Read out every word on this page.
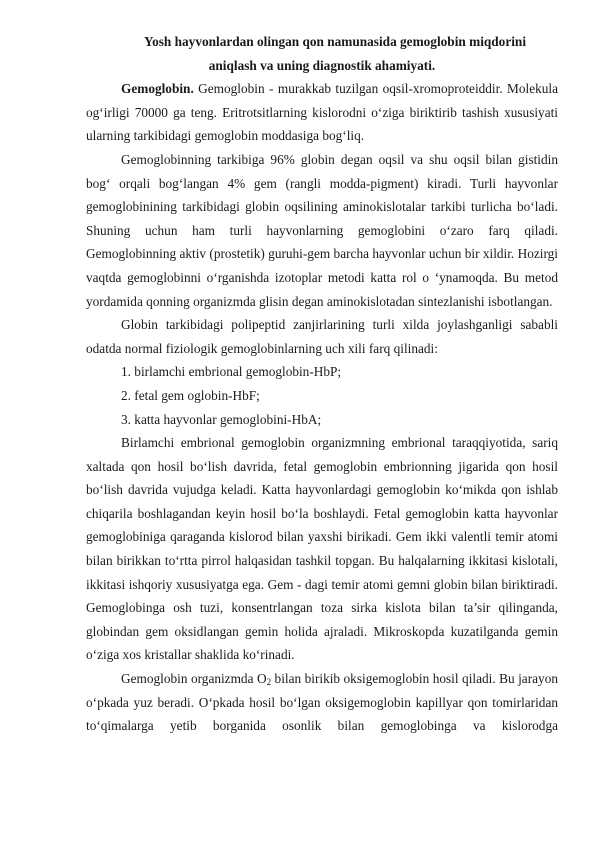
Yosh hayvonlardan olingan qon namunasida gemoglobin miqdorini
aniqlash va uning diagnostik ahamiyati.

Gemoglobin. Gemoglobin - murakkab tuzilgan oqsil-xromoproteiddir. Molekula og‘irligi 70000 ga teng. Eritrotsitlarning kislorodni o‘ziga biriktirib tashish xususiyati ularning tarkibidagi gemoglobin moddasiga bog‘liq.

Gemoglobinning tarkibiga 96% globin degan oqsil va shu oqsil bilan gistidin bog‘ orqali bog‘langan 4% gem (rangli modda-pigment) kiradi. Turli hayvonlar gemoglobinining tarkibidagi globin oqsilining aminokislotalar tarkibi turlicha bo‘ladi. Shuning uchun ham turli hayvonlarning gemoglobini o‘zaro farq qiladi. Gemoglobinning aktiv (prostetik) guruhi-gem barcha hayvonlar uchun bir xildir. Hozirgi vaqtda gemoglobinni o‘rganishda izotoplar metodi katta rol o ‘ynamoqda. Bu metod yordamida qonning organizmda glisin degan aminokislotadan sintezlanishi isbotlangan.

Globin tarkibidagi polipeptid zanjirlarining turli xilda joylashganligi sababli odatda normal fiziologik gemoglobinlarning uch xili farq qilinadi:

1. birlamchi embrional gemoglobin-HbP;
2. fetal gem oglobin-HbF;
3. katta hayvonlar gemoglobini-HbA;

Birlamchi embrional gemoglobin organizmning embrional taraqqiyotida, sariq xaltada qon hosil bo‘lish davrida, fetal gemoglobin embrionning jigarida qon hosil bo‘lish davrida vujudga keladi. Katta hayvonlardagi gemoglobin ko‘mikda qon ishlab chiqarila boshlagandan keyin hosil bo‘la boshlaydi. Fetal gemoglobin katta hayvonlar gemoglobiniga qaraganda kislorod bilan yaxshi birikadi. Gem ikki valentli temir atomi bilan birikkan to‘rtta pirrol halqasidan tashkil topgan. Bu halqalarning ikkitasi kislotali, ikkitasi ishqoriy xususiyatga ega. Gem - dagi temir atomi gemni globin bilan biriktiradi. Gemoglobinga osh tuzi, konsentrlangan toza sirka kislota bilan ta’sir qilinganda, globindan gem oksidlangan gemin holida ajraladi. Mikroskopda kuzatilganda gemin o‘ziga xos kristallar shaklida ko‘rinadi.

Gemoglobin organizmda $O_2$ bilan birikib oksigemoglobin hosil qiladi. Bu jarayon o‘pkada yuz beradi. O‘pkada hosil bo‘lgan oksigemoglobin kapillyar qon tomirlaridan to‘qimalarga yetib borganida osonlik bilan gemoglobinga va kislorodga
